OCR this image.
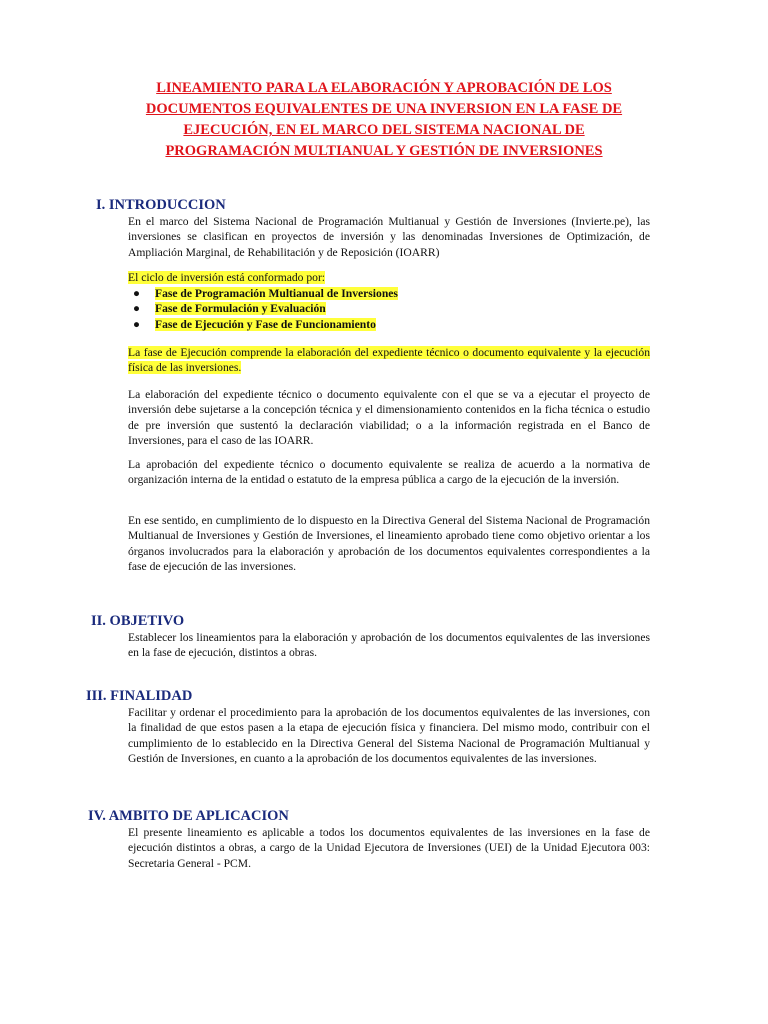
LINEAMIENTO PARA LA ELABORACIÓN Y APROBACIÓN DE LOS
DOCUMENTOS EQUIVALENTES DE UNA INVERSION EN LA FASE DE
EJECUCIÓN, EN EL MARCO DEL SISTEMA NACIONAL DE
PROGRAMACIÓN MULTIANUAL Y GESTIÓN DE INVERSIONES
I. INTRODUCCION
En el marco del Sistema Nacional de Programación Multianual y Gestión de Inversiones (Invierte.pe), las inversiones se clasifican en proyectos de inversión y las denominadas Inversiones de Optimización, de Ampliación Marginal, de Rehabilitación y de Reposición (IOARR)
El ciclo de inversión está conformado por:
● Fase de Programación Multianual de Inversiones
● Fase de Formulación y Evaluación
● Fase de Ejecución y Fase de Funcionamiento
La fase de Ejecución comprende la elaboración del expediente técnico o documento equivalente y la ejecución física de las inversiones.
La elaboración del expediente técnico o documento equivalente con el que se va a ejecutar el proyecto de inversión debe sujetarse a la concepción técnica y el dimensionamiento contenidos en la ficha técnica o estudio de pre inversión que sustentó la declaración viabilidad; o a la información registrada en el Banco de Inversiones, para el caso de las IOARR.
La aprobación del expediente técnico o documento equivalente se realiza de acuerdo a la normativa de organización interna de la entidad o estatuto de la empresa pública a cargo de la ejecución de la inversión.
En ese sentido, en cumplimiento de lo dispuesto en la Directiva General del Sistema Nacional de Programación Multianual de Inversiones y Gestión de Inversiones, el lineamiento aprobado tiene como objetivo orientar a los órganos involucrados para la elaboración y aprobación de los documentos equivalentes correspondientes a la fase de ejecución de las inversiones.
II. OBJETIVO
Establecer los lineamientos para la elaboración y aprobación de los documentos equivalentes de las inversiones en la fase de ejecución, distintos a obras.
III. FINALIDAD
Facilitar y ordenar el procedimiento para la aprobación de los documentos equivalentes de las inversiones, con la finalidad de que estos pasen a la etapa de ejecución física y financiera. Del mismo modo, contribuir con el cumplimiento de lo establecido en la Directiva General del Sistema Nacional de Programación Multianual y Gestión de Inversiones, en cuanto a la aprobación de los documentos equivalentes de las inversiones.
IV. AMBITO DE APLICACION
El presente lineamiento es aplicable a todos los documentos equivalentes de las inversiones en la fase de ejecución distintos a obras, a cargo de la Unidad Ejecutora de Inversiones (UEI) de la Unidad Ejecutora 003: Secretaria General - PCM.
